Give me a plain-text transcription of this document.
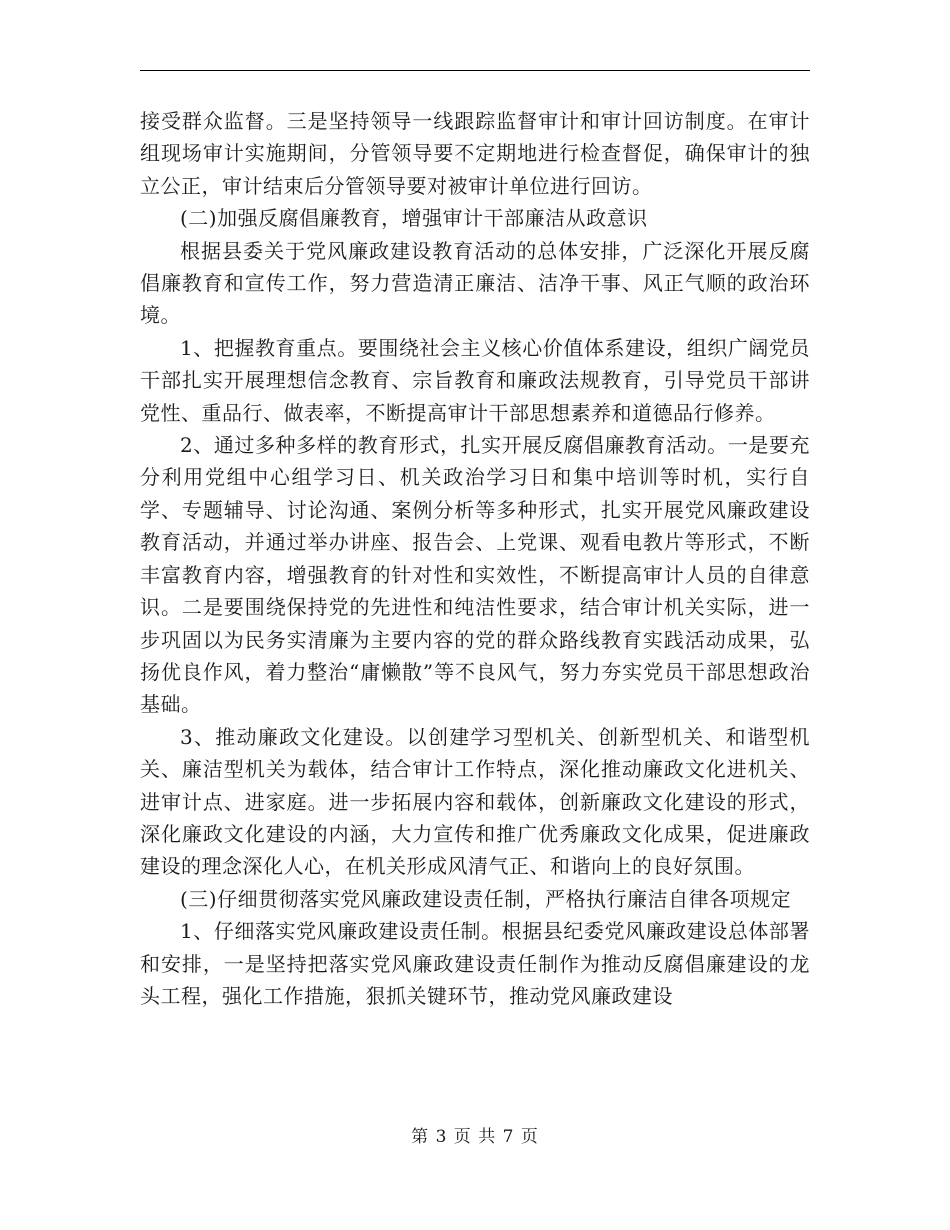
接受群众监督。三是坚持领导一线跟踪监督审计和审计回访制度。在审计组现场审计实施期间，分管领导要不定期地进行检查督促，确保审计的独立公正，审计结束后分管领导要对被审计单位进行回访。

(二)加强反腐倡廉教育，增强审计干部廉洁从政意识

根据县委关于党风廉政建设教育活动的总体安排，广泛深化开展反腐倡廉教育和宣传工作，努力营造清正廉洁、洁净干事、风正气顺的政治环境。

1、把握教育重点。要围绕社会主义核心价值体系建设，组织广阔党员干部扎实开展理想信念教育、宗旨教育和廉政法规教育，引导党员干部讲党性、重品行、做表率，不断提高审计干部思想素养和道德品行修养。

2、通过多种多样的教育形式，扎实开展反腐倡廉教育活动。一是要充分利用党组中心组学习日、机关政治学习日和集中培训等时机，实行自学、专题辅导、讨论沟通、案例分析等多种形式，扎实开展党风廉政建设教育活动，并通过举办讲座、报告会、上党课、观看电教片等形式，不断丰富教育内容，增强教育的针对性和实效性，不断提高审计人员的自律意识。二是要围绕保持党的先进性和纯洁性要求，结合审计机关实际，进一步巩固以为民务实清廉为主要内容的党的群众路线教育实践活动成果，弘扬优良作风，着力整治“庸懒散”等不良风气，努力夯实党员干部思想政治基础。

3、推动廉政文化建设。以创建学习型机关、创新型机关、和谐型机关、廉洁型机关为载体，结合审计工作特点，深化推动廉政文化进机关、进审计点、进家庭。进一步拓展内容和载体，创新廉政文化建设的形式，深化廉政文化建设的内涵，大力宣传和推广优秀廉政文化成果，促进廉政建设的理念深化人心，在机关形成风清气正、和谐向上的良好氛围。

(三)仔细贯彻落实党风廉政建设责任制，严格执行廉洁自律各项规定

1、仔细落实党风廉政建设责任制。根据县纪委党风廉政建设总体部署和安排，一是坚持把落实党风廉政建设责任制作为推动反腐倡廉建设的龙头工程，强化工作措施，狠抓关键环节，推动党风廉政建设

第 3 页 共 7 页
